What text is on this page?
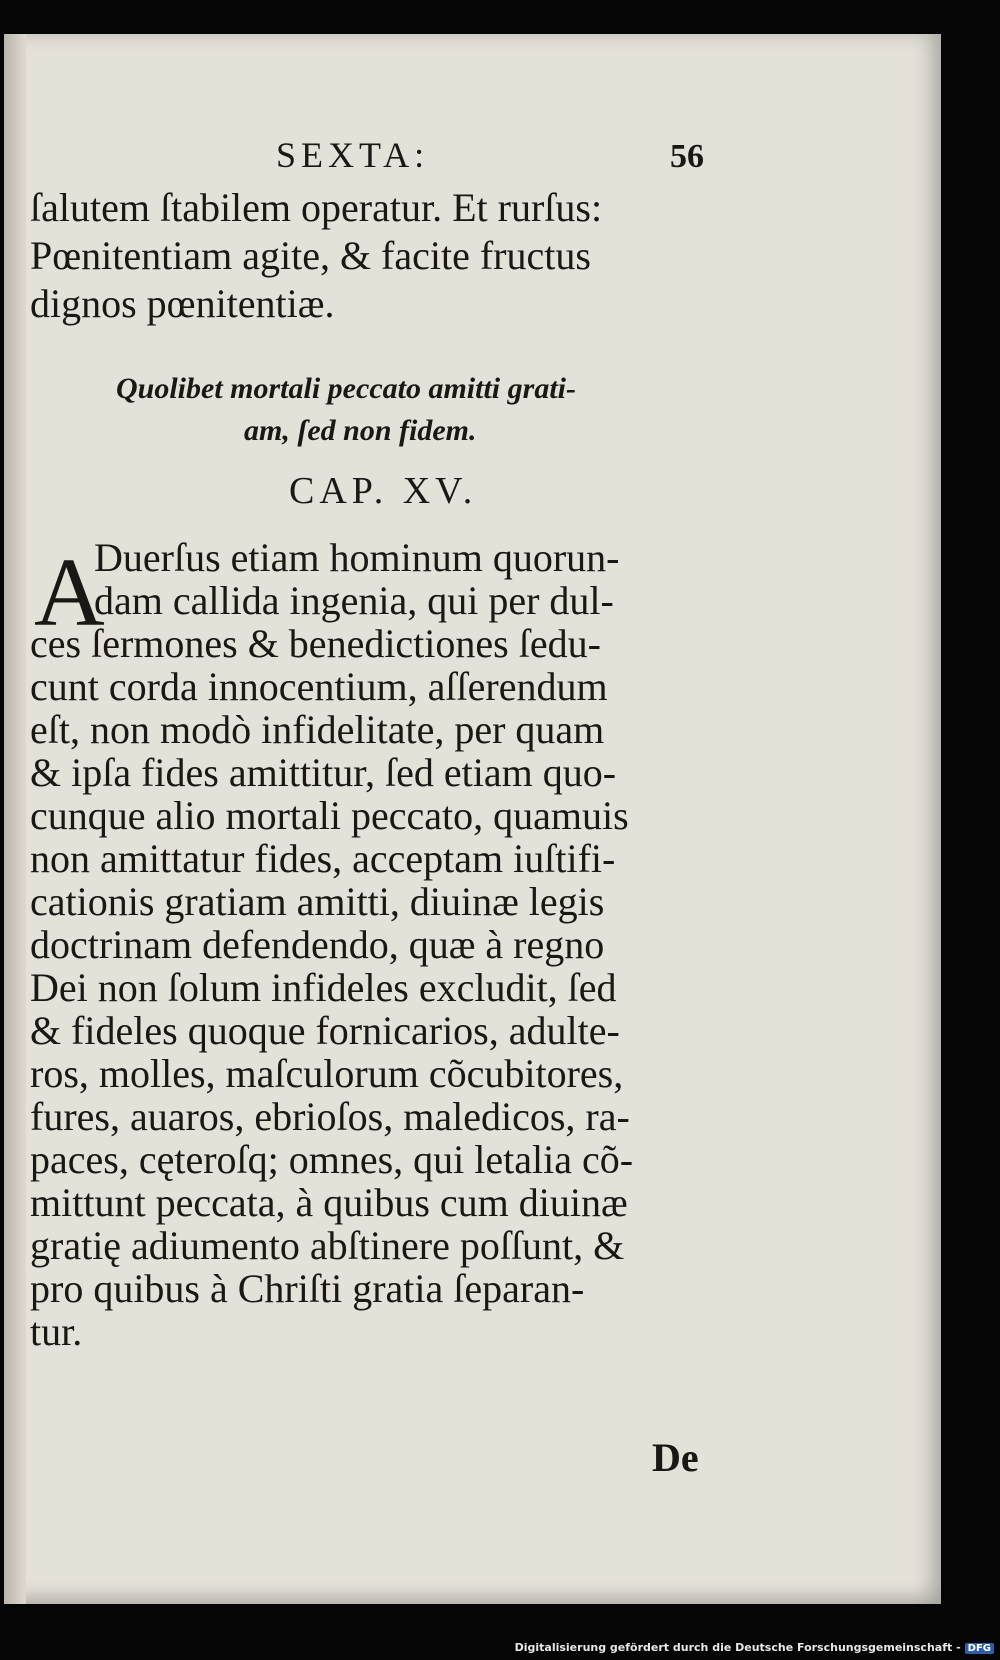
SEXTA:	56
ſalutem ſtabilem operatur. Et rurſus:
Pœnitentiam agite, & facite fructus
dignos pœnitentiæ.
Quolibet mortali peccato amitti grati-
am, ſed non fidem.
CAP. XV.
A
Duerſus etiam hominum quorun-
dam callida ingenia, qui per dul-
ces ſermones & benedictiones ſedu-
cunt corda innocentium, aſſerendum
eſt, non modò infidelitate, per quam
& ipſa fides amittitur, ſed etiam quo-
cunque alio mortali peccato, quamuis
non amittatur fides, acceptam iuſtifi-
cationis gratiam amitti, diuinæ legis
doctrinam defendendo, quæ à regno
Dei non ſolum infideles excludit, ſed
& fideles quoque fornicarios, adulte-
ros, molles, maſculorum cõcubitores,
fures, auaros, ebrioſos, maledicos, ra-
paces, cęteroſq; omnes, qui letalia cõ-
mittunt peccata, à quibus cum diuinæ
gratię adiumento abſtinere poſſunt, &
pro quibus à Chriſti gratia ſeparan-
tur.
De
Digitalisierung gefördert durch die Deutsche Forschungsgemeinschaft - DFG
